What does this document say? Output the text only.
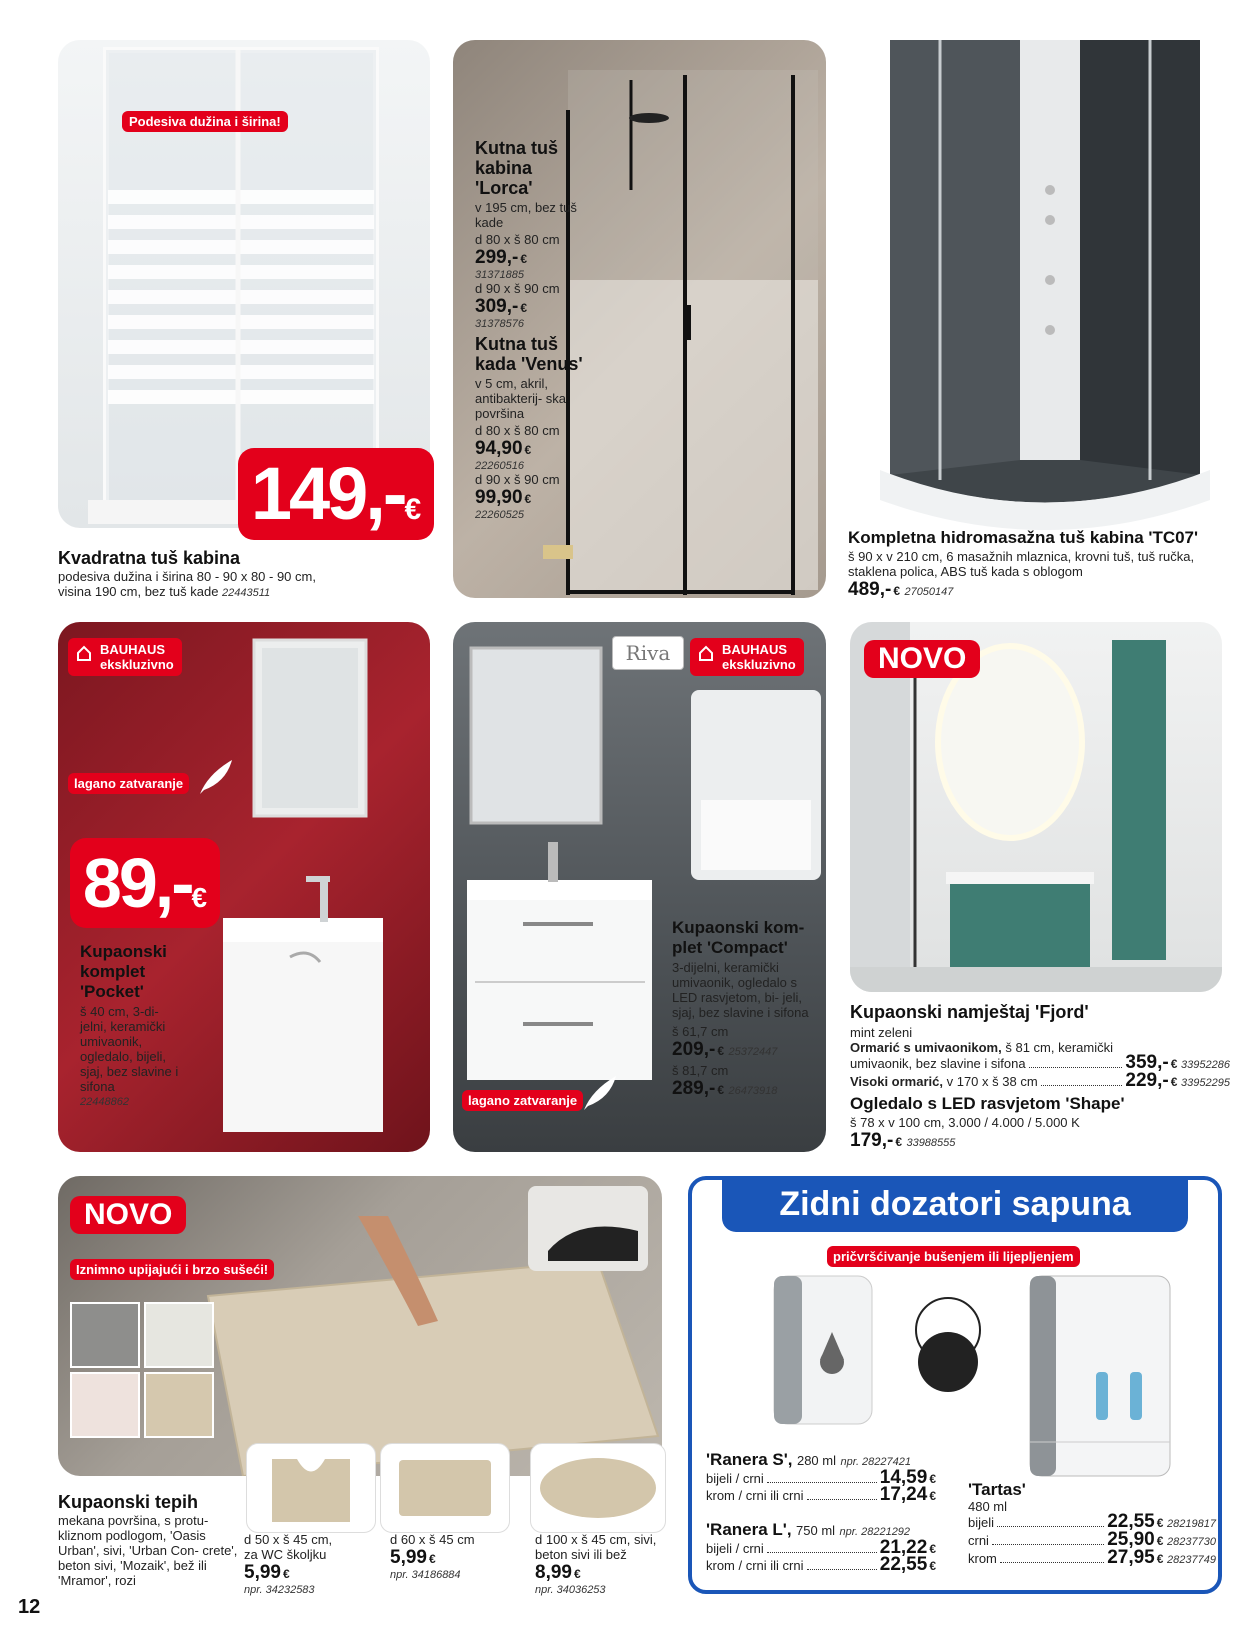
Podesiva dužina i širina!
149,-€
Kvadratna tuš kabina
podesiva dužina i širina 80 - 90 x 80 - 90 cm,
visina 190 cm, bez tuš kade 22443511
Kutna tuš kabina 'Lorca'
v 195 cm, bez tuš kade
d 80 x š 80 cm
299,- €
31371885
d 90 x š 90 cm
309,- €
31378576
Kutna tuš kada 'Venus'
v 5 cm, akril, antibakterij- ska površina
d 80 x š 80 cm
94,90 €
22260516
d 90 x š 90 cm
99,90 €
22260525
Kompletna hidromasažna tuš kabina 'TC07'
š 90 x v 210 cm, 6 masažnih mlaznica, krovni tuš, tuš ručka,
staklena polica, ABS tuš kada s oblogom
489,- € 27050147
BAUHAUS
ekskluzivno
lagano zatvaranje
89,-€
Kupaonski komplet 'Pocket'
š 40 cm, 3-di- jelni, keramički umivaonik, ogledalo, bijeli, sjaj, bez slavine i sifona
22448862
Riva	BAUHAUS
ekskluzivno
lagano zatvaranje
Kupaonski kom- plet 'Compact'
3-dijelni, keramički umivaonik, ogledalo s LED rasvjetom, bi- jeli, sjaj, bez slavine i sifona
š 61,7 cm
209,- € 25372447
š 81,7 cm
289,- € 26473918
NOVO
Kupaonski namještaj 'Fjord'
mint zeleni
Ormarić s umivaonikom, š 81 cm, keramički
umivaonik, bez slavine i sifona	359,- €
33952286
Visoki ormarić, v 170 x š 38 cm	229,- €
33952295
Ogledalo s LED rasvjetom 'Shape'
š 78 x v 100 cm, 3.000 / 4.000 / 5.000 K
179,- € 33988555
NOVO
Iznimno upijajući i brzo sušeći!
Kupaonski tepih
mekana površina, s protu- kliznom podlogom, 'Oasis Urban', sivi, 'Urban Con- crete', beton sivi, 'Mozaik', bež ili 'Mramor', rozi
d 50 x š 45 cm,
za WC školjku
5,99 €
npr. 34232583
d 60 x š 45 cm
5,99 €
npr. 34186884
d 100 x š 45 cm, sivi,
beton sivi ili bež
8,99 €
npr. 34036253
12
Zidni dozatori sapuna
pričvršćivanje bušenjem ili lijepljenjem
'Ranera S', 280 ml npr. 28227421
bijeli / crni	14,59 €
krom / crni ili crni	17,24 €
'Ranera L', 750 ml npr. 28221292
bijeli / crni	21,22 €
krom / crni ili crni	22,55 €
'Tartas'
480 ml
bijeli	22,55 €
28219817
crni	25,90 €
28237730
krom	27,95 €
28237749
